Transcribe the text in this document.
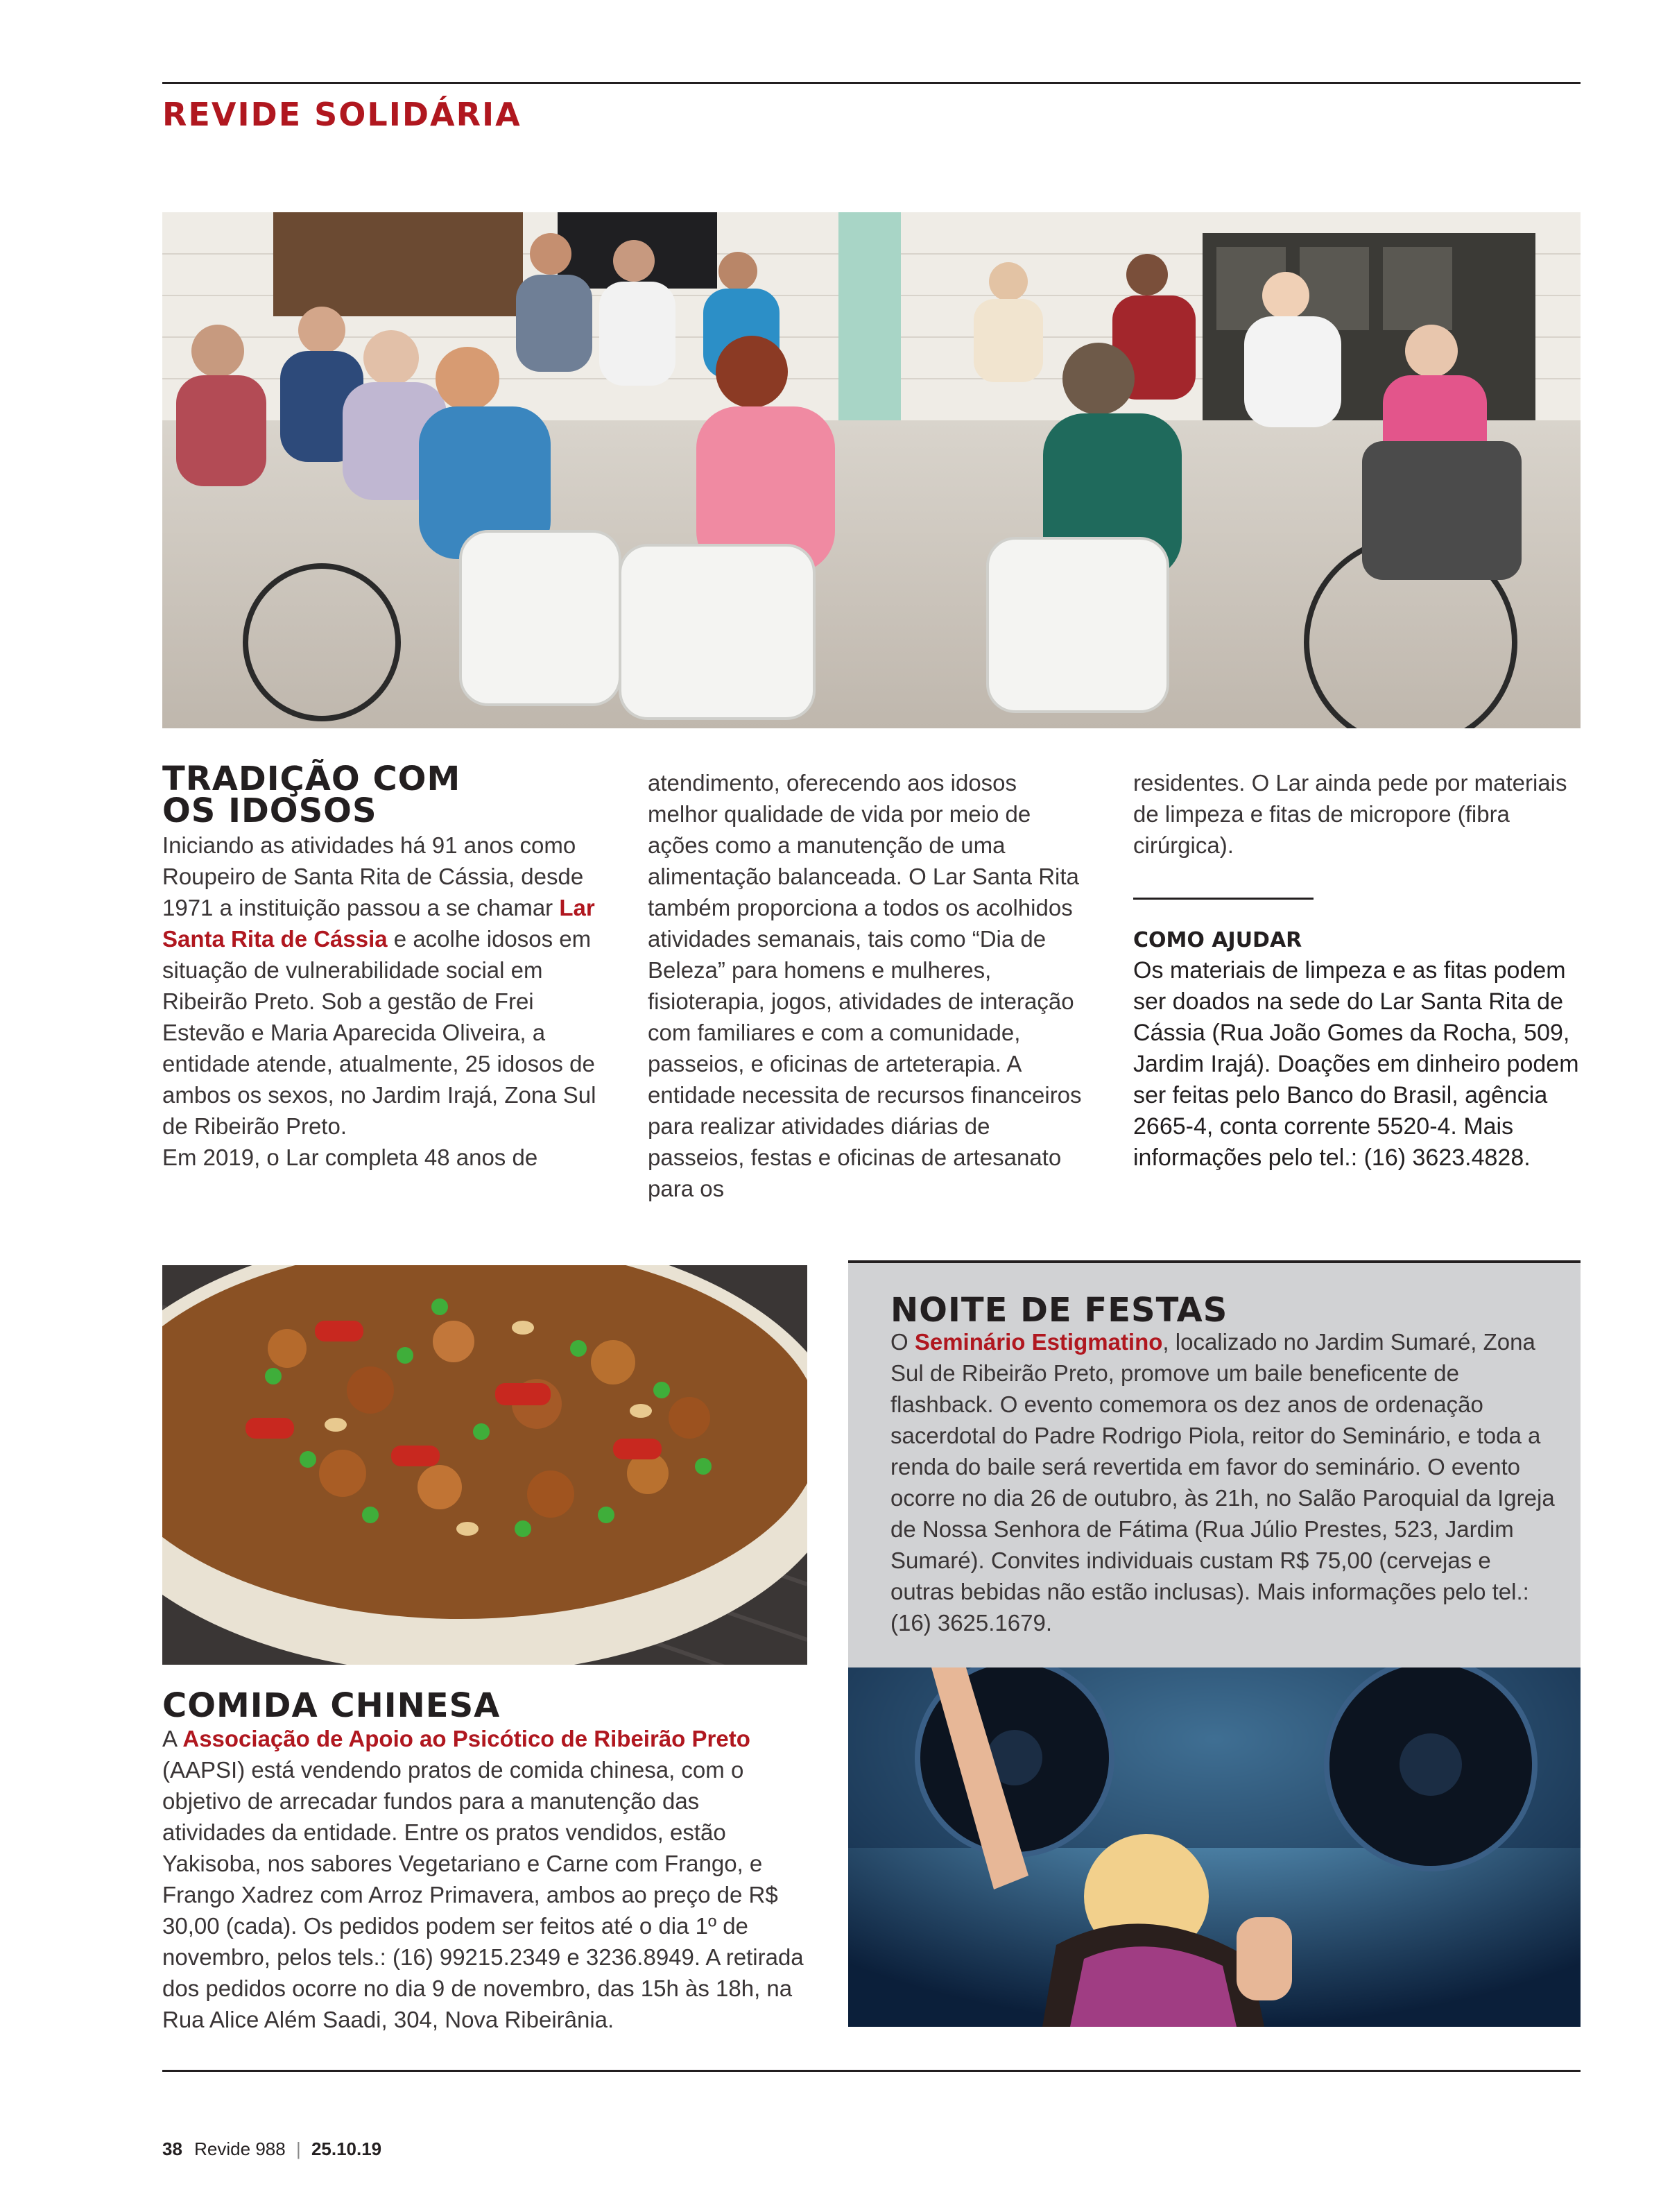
REVIDE SOLIDÁRIA
TRADIÇÃO COM
OS IDOSOS

Iniciando as atividades há 91 anos como Roupeiro de Santa Rita de Cássia, desde 1971 a instituição passou a se chamar Lar Santa Rita de Cássia e acolhe idosos em situação de vulnerabilidade social em Ribeirão Preto. Sob a gestão de Frei Estevão e Maria Aparecida Oliveira, a entidade atende, atualmente, 25 idosos de ambos os sexos, no Jardim Irajá, Zona Sul de Ribeirão Preto.

Em 2019, o Lar completa 48 anos de

atendimento, oferecendo aos idosos melhor qualidade de vida por meio de ações como a manutenção de uma alimentação balanceada. O Lar Santa Rita também proporciona a todos os acolhidos atividades semanais, tais como “Dia de Beleza” para homens e mulheres, fisioterapia, jogos, atividades de interação com familiares e com a comunidade, passeios, e oficinas de arteterapia. A entidade necessita de recursos financeiros para realizar atividades diárias de passeios, festas e oficinas de artesanato para os

residentes. O Lar ainda pede por materiais de limpeza e fitas de micropore (fibra cirúrgica).

COMO AJUDAR
Os materiais de limpeza e as fitas podem ser doados na sede do Lar Santa Rita de Cássia (Rua João Gomes da Rocha, 509, Jardim Irajá). Doações em dinheiro podem ser feitas pelo Banco do Brasil, agência 2665-4, conta corrente 5520-4. Mais informações pelo tel.: (16) 3623.4828.
COMIDA CHINESA

A Associação de Apoio ao Psicótico de Ribeirão Preto (AAPSI) está vendendo pratos de comida chinesa, com o objetivo de arrecadar fundos para a manutenção das atividades da entidade. Entre os pratos vendidos, estão Yakisoba, nos sabores Vegetariano e Carne com Frango, e Frango Xadrez com Arroz Primavera, ambos ao preço de R$ 30,00 (cada). Os pedidos podem ser feitos até o dia 1º de novembro, pelos tels.: (16) 99215.2349 e 3236.8949. A retirada dos pedidos ocorre no dia 9 de novembro, das 15h às 18h, na Rua Alice Além Saadi, 304, Nova Ribeirânia.

NOITE DE FESTAS

O Seminário Estigmatino, localizado no Jardim Sumaré, Zona Sul de Ribeirão Preto, promove um baile beneficente de flashback. O evento comemora os dez anos de ordenação sacerdotal do Padre Rodrigo Piola, reitor do Seminário, e toda a renda do baile será revertida em favor do seminário. O evento ocorre no dia 26 de outubro, às 21h, no Salão Paroquial da Igreja de Nossa Senhora de Fátima (Rua Júlio Prestes, 523, Jardim Sumaré). Convites individuais custam R$ 75,00 (cervejas e outras bebidas não estão inclusas). Mais informações pelo tel.: (16) 3625.1679.

38 Revide 988 | 25.10.19
